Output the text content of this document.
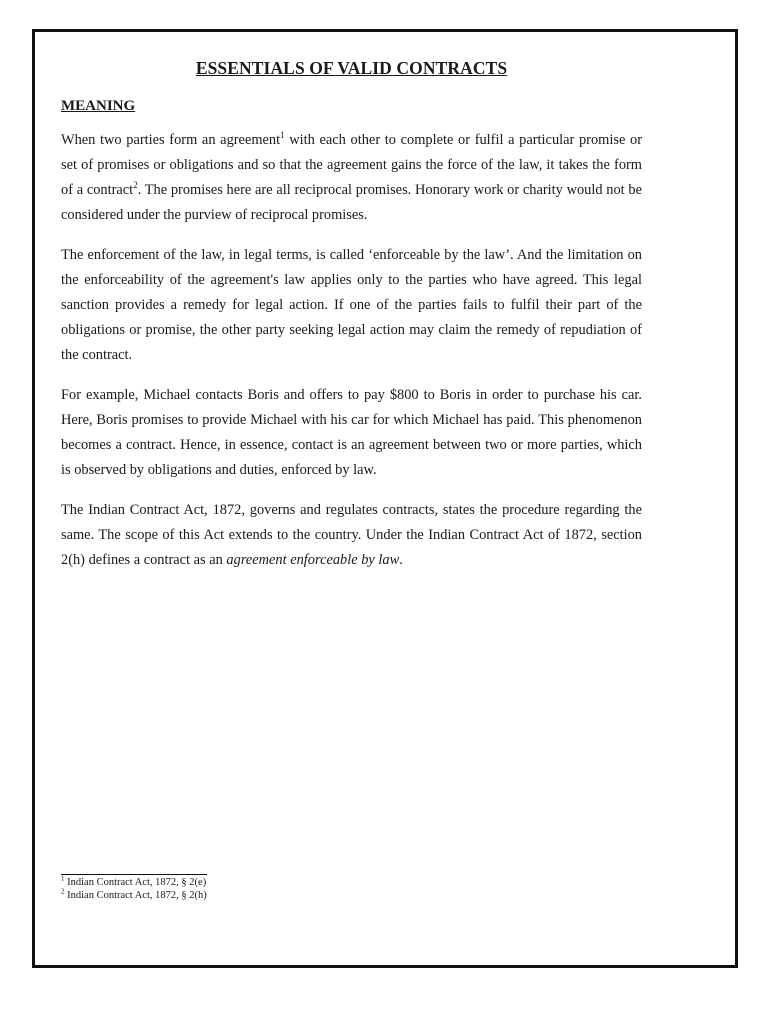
ESSENTIALS OF VALID CONTRACTS
MEANING

When two parties form an agreement$^1$ with each other to complete or fulfil a particular promise or set of promises or obligations and so that the agreement gains the force of the law, it takes the form of a contract$^2$. The promises here are all reciprocal promises. Honorary work or charity would not be considered under the purview of reciprocal promises.

The enforcement of the law, in legal terms, is called ‘enforceable by the law’. And the limitation on the enforceability of the agreement's law applies only to the parties who have agreed. This legal sanction provides a remedy for legal action. If one of the parties fails to fulfil their part of the obligations or promise, the other party seeking legal action may claim the remedy of repudiation of the contract.

For example, Michael contacts Boris and offers to pay $800 to Boris in order to purchase his car. Here, Boris promises to provide Michael with his car for which Michael has paid. This phenomenon becomes a contract. Hence, in essence, contact is an agreement between two or more parties, which is observed by obligations and duties, enforced by law.

The Indian Contract Act, 1872, governs and regulates contracts, states the procedure regarding the same. The scope of this Act extends to the country. Under the Indian Contract Act of 1872, section 2(h) defines a contract as an agreement enforceable by law.

$^1$ Indian Contract Act, 1872, § 2(e)

$^2$ Indian Contract Act, 1872, § 2(h)
